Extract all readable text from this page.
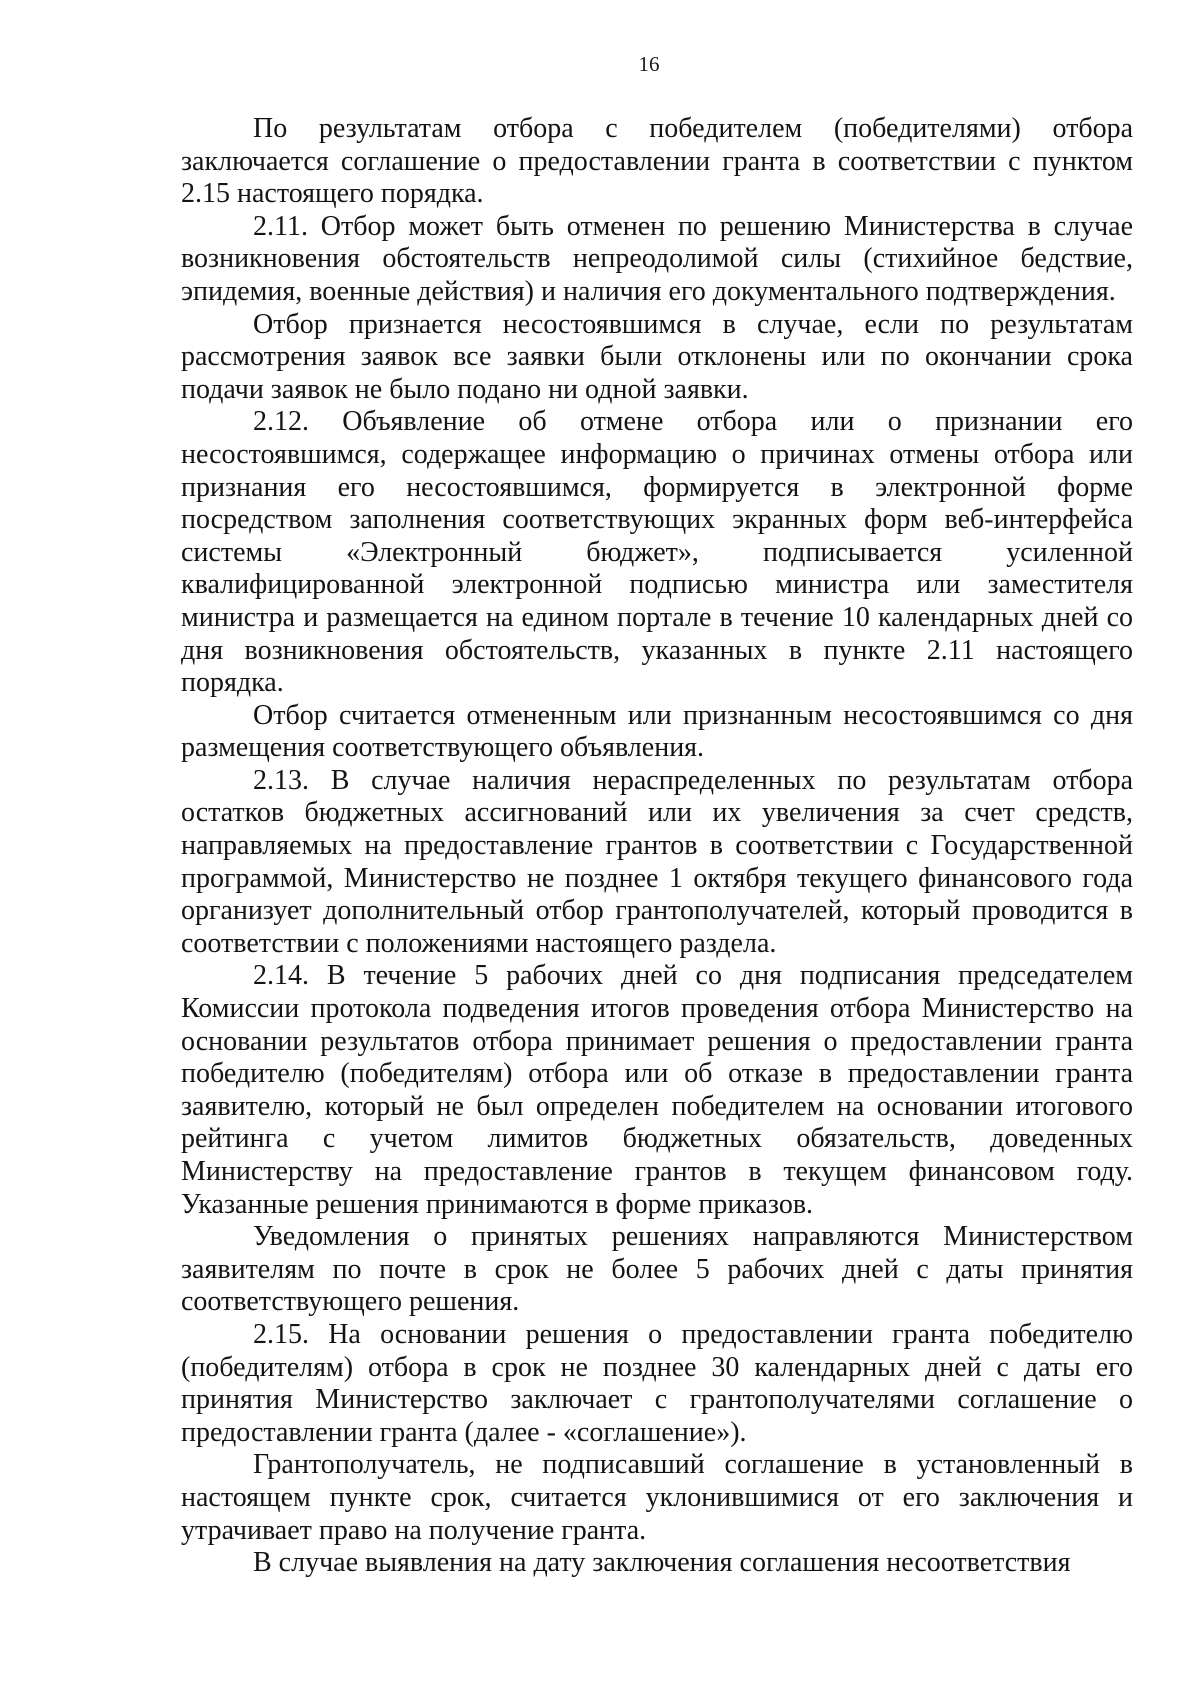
16

По результатам отбора с победителем (победителями) отбора заключается соглашение о предоставлении гранта в соответствии с пунктом 2.15 настоящего порядка.

2.11. Отбор может быть отменен по решению Министерства в случае возникновения обстоятельств непреодолимой силы (стихийное бедствие, эпидемия, военные действия) и наличия его документального подтверждения.

Отбор признается несостоявшимся в случае, если по результатам рассмотрения заявок все заявки были отклонены или по окончании срока подачи заявок не было подано ни одной заявки.

2.12. Объявление об отмене отбора или о признании его несостоявшимся, содержащее информацию о причинах отмены отбора или признания его несостоявшимся, формируется в электронной форме посредством заполнения соответствующих экранных форм веб-интерфейса системы «Электронный бюджет», подписывается усиленной квалифицированной электронной подписью министра или заместителя министра и размещается на едином портале в течение 10 календарных дней со дня возникновения обстоятельств, указанных в пункте 2.11 настоящего порядка.

Отбор считается отмененным или признанным несостоявшимся со дня размещения соответствующего объявления.

2.13. В случае наличия нераспределенных по результатам отбора остатков бюджетных ассигнований или их увеличения за счет средств, направляемых на предоставление грантов в соответствии с Государственной программой, Министерство не позднее 1 октября текущего финансового года организует дополнительный отбор грантополучателей, который проводится в соответствии с положениями настоящего раздела.

2.14. В течение 5 рабочих дней со дня подписания председателем Комиссии протокола подведения итогов проведения отбора Министерство на основании результатов отбора принимает решения о предоставлении гранта победителю (победителям) отбора или об отказе в предоставлении гранта заявителю, который не был определен победителем на основании итогового рейтинга с учетом лимитов бюджетных обязательств, доведенных Министерству на предоставление грантов в текущем финансовом году. Указанные решения принимаются в форме приказов.

Уведомления о принятых решениях направляются Министерством заявителям по почте в срок не более 5 рабочих дней с даты принятия соответствующего решения.

2.15. На основании решения о предоставлении гранта победителю (победителям) отбора в срок не позднее 30 календарных дней с даты его принятия Министерство заключает с грантополучателями соглашение о предоставлении гранта (далее - «соглашение»).

Грантополучатель, не подписавший соглашение в установленный в настоящем пункте срок, считается уклонившимися от его заключения и утрачивает право на получение гранта.

В случае выявления на дату заключения соглашения несоответствия
